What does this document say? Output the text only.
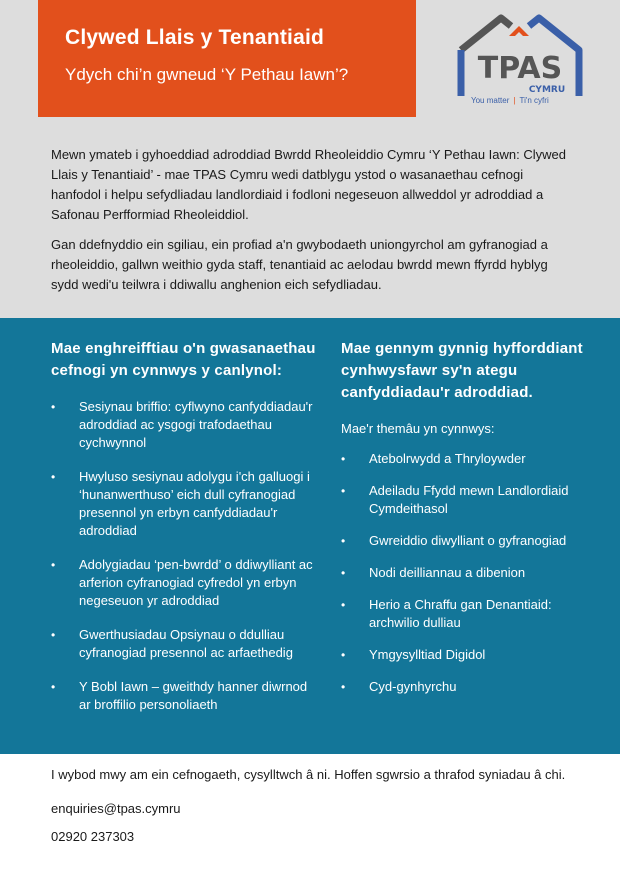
Clywed Llais y Tenantiaid
Ydych chi’n gwneud ‘Y Pethau Iawn’?	TPAS
CYMRU
You matter | Ti'n cyfri

Mewn ymateb i gyhoeddiad adroddiad Bwrdd Rheoleiddio Cymru ‘Y Pethau Iawn: Clywed Llais y Tenantiaid’ - mae TPAS Cymru wedi datblygu ystod o wasanaethau cefnogi hanfodol i helpu sefydliadau landlordiaid i fodloni negeseuon allweddol yr adroddiad a Safonau Perfformiad Rheoleiddiol.

Gan ddefnyddio ein sgiliau, ein profiad a'n gwybodaeth uniongyrchol am gyfranogiad a rheoleiddio, gallwn weithio gyda staff, tenantiaid ac aelodau bwrdd mewn ffyrdd hyblyg sydd wedi'u teilwra i ddiwallu anghenion eich sefydliadau.

Mae enghreifftiau o'n gwasanaethau cefnogi yn cynnwys y canlynol:
• Sesiynau briffio: cyflwyno canfyddiadau'r adroddiad ac ysgogi trafodaethau cychwynnol
• Hwyluso sesiynau adolygu i'ch galluogi i ‘hunanwerthuso’ eich dull cyfranogiad presennol yn erbyn canfyddiadau'r adroddiad
• Adolygiadau ‘pen-bwrdd’ o ddiwylliant ac arferion cyfranogiad cyfredol yn erbyn negeseuon yr adroddiad
• Gwerthusiadau Opsiynau o ddulliau cyfranogiad presennol ac arfaethedig
• Y Bobl Iawn – gweithdy hanner diwrnod ar broffilio personoliaeth
Mae gennym gynnig hyfforddiant cynhwysfawr sy'n ategu canfyddiadau'r adroddiad.
Mae'r themâu yn cynnwys:
• Atebolrwydd a Thryloywder
• Adeiladu Ffydd mewn Landlordiaid Cymdeithasol
• Gwreiddio diwylliant o gyfranogiad
• Nodi deilliannau a dibenion
• Herio a Chraffu gan Denantiaid: archwilio dulliau
• Ymgysylltiad Digidol
• Cyd-gynhyrchu

I wybod mwy am ein cefnogaeth, cysylltwch â ni. Hoffen sgwrsio a thrafod syniadau â chi.

enquiries@tpas.cymru

02920 237303
